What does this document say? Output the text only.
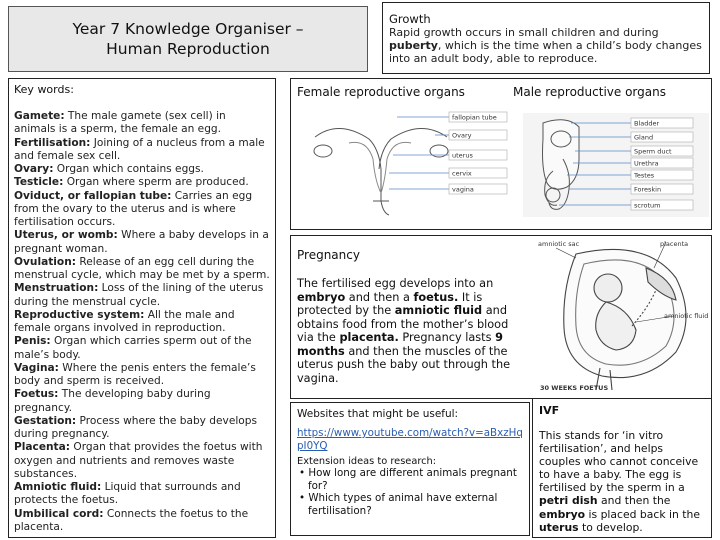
Year 7 Knowledge Organiser –
Human Reproduction
Growth

Rapid growth occurs in small children and during puberty, which is the time when a child’s body changes into an adult body, able to reproduce.

Key words:
Gamete: The male gamete (sex cell) in animals is a sperm, the female an egg.
Fertilisation: Joining of a nucleus from a male and female sex cell.
Ovary: Organ which contains eggs.
Testicle: Organ where sperm are produced.
Oviduct, or fallopian tube: Carries an egg from the ovary to the uterus and is where fertilisation occurs.
Uterus, or womb: Where a baby develops in a pregnant woman.
Ovulation: Release of an egg cell during the menstrual cycle, which may be met by a sperm.
Menstruation: Loss of the lining of the uterus during the menstrual cycle.
Reproductive system: All the male and female organs involved in reproduction.
Penis: Organ which carries sperm out of the male’s body.
Vagina: Where the penis enters the female’s body and sperm is received.
Foetus: The developing baby during pregnancy.
Gestation: Process where the baby develops during pregnancy.
Placenta: Organ that provides the foetus with oxygen and nutrients and removes waste substances.
Amniotic fluid: Liquid that surrounds and protects the foetus.
Umbilical cord: Connects the foetus to the placenta.
Female reproductive organs	Male reproductive organs
fallopian tube
Ovary
uterus
cervix
vagina
Bladder
Gland
Sperm duct
Urethra
Testes
Foreskin
scrotum
Pregnancy
The fertilised egg develops into an embryo and then a foetus. It is protected by the amniotic fluid and obtains food from the mother’s blood via the placenta. Pregnancy lasts 9 months and then the muscles of the uterus push the baby out through the vagina.
amniotic sac	placenta
amniotic fluid
30 WEEKS FOETUS
Websites that might be useful:
https://www.youtube.com/watch?v=aBxzHq pI0YQ
Extension ideas to research:
• How long are different animals pregnant for?
• Which types of animal have external fertilisation?
IVF
This stands for ‘in vitro fertilisation’, and helps couples who cannot conceive to have a baby. The egg is fertilised by the sperm in a petri dish and then the embryo is placed back in the uterus to develop.
